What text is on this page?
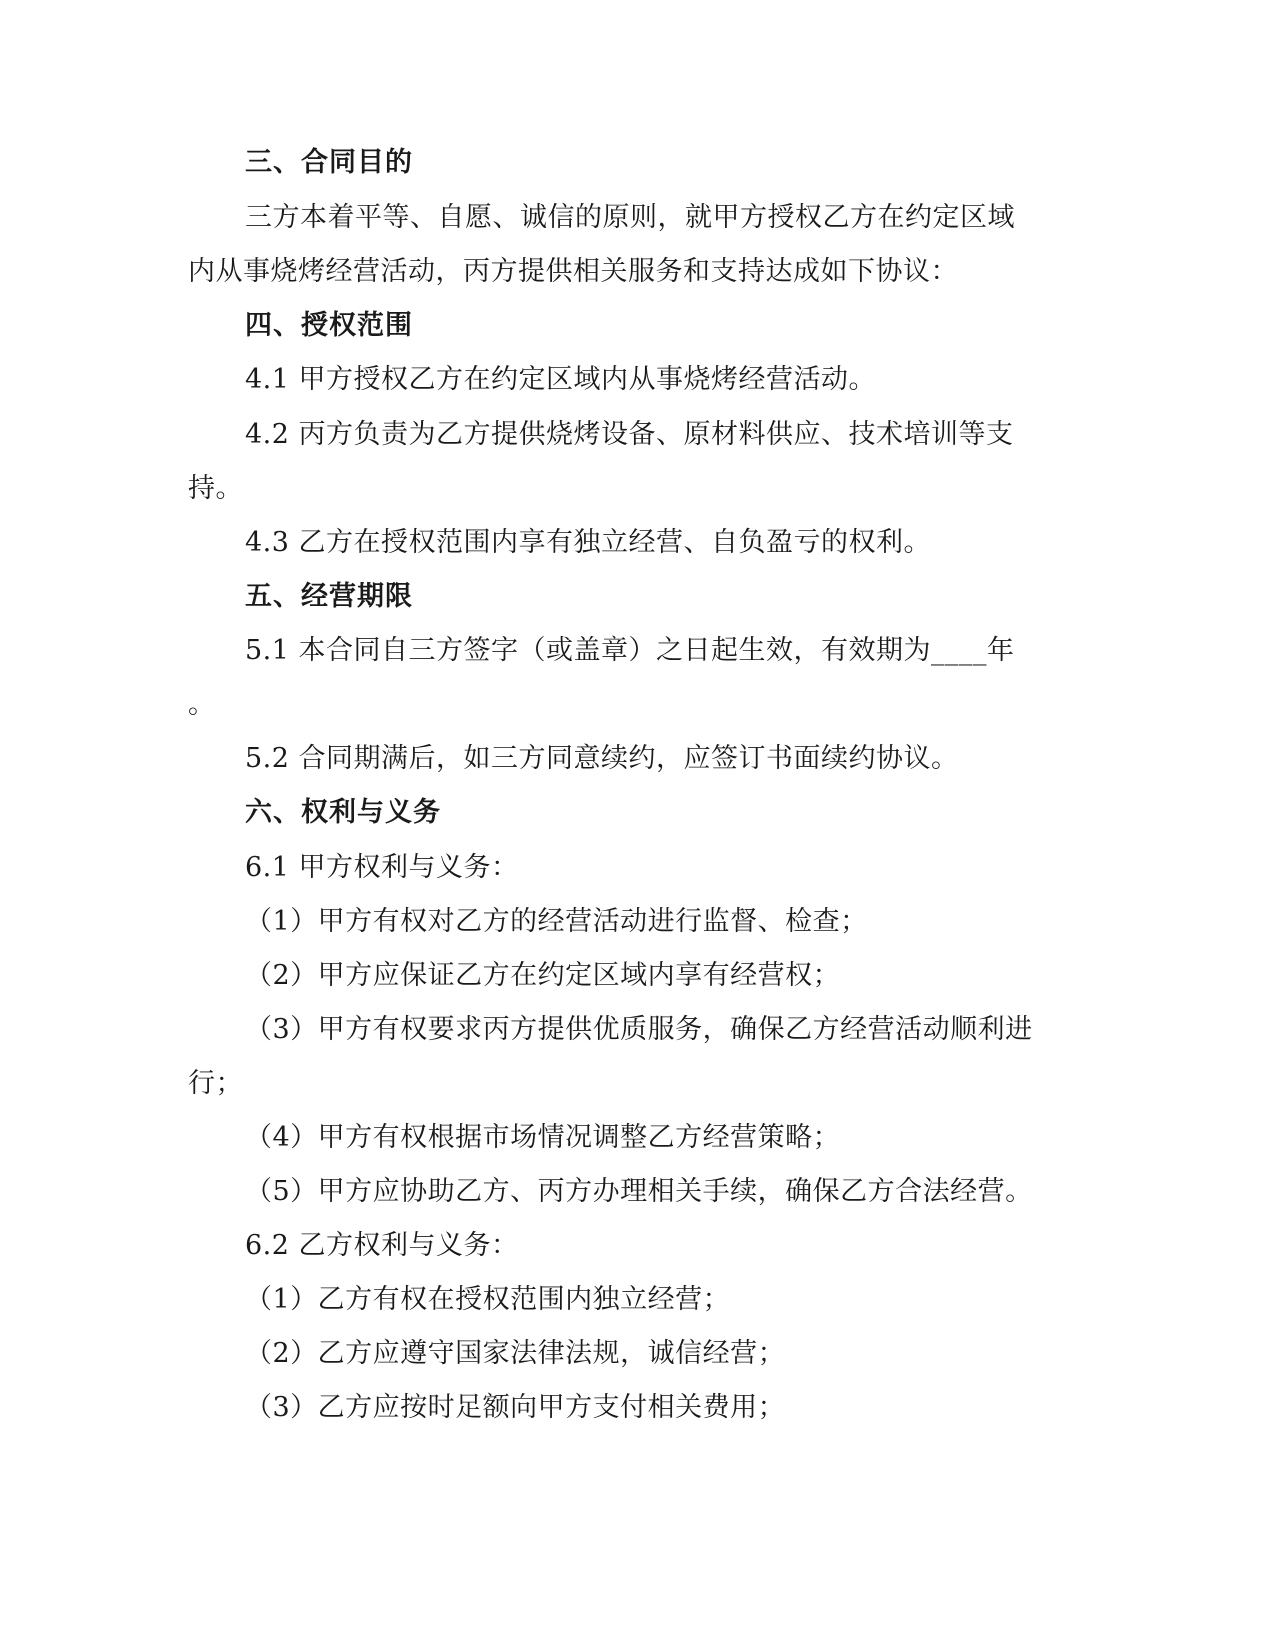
三、合同目的
三方本着平等、自愿、诚信的原则，就甲方授权乙方在约定区域
内从事烧烤经营活动，丙方提供相关服务和支持达成如下协议：
四、授权范围
4.1 甲方授权乙方在约定区域内从事烧烤经营活动。
4.2 丙方负责为乙方提供烧烤设备、原材料供应、技术培训等支
持。
4.3 乙方在授权范围内享有独立经营、自负盈亏的权利。
五、经营期限
5.1 本合同自三方签字（或盖章）之日起生效，有效期为____年
。
5.2 合同期满后，如三方同意续约，应签订书面续约协议。
六、权利与义务
6.1 甲方权利与义务：
（1）甲方有权对乙方的经营活动进行监督、检查；
（2）甲方应保证乙方在约定区域内享有经营权；
（3）甲方有权要求丙方提供优质服务，确保乙方经营活动顺利进
行；
（4）甲方有权根据市场情况调整乙方经营策略；
（5）甲方应协助乙方、丙方办理相关手续，确保乙方合法经营。
6.2 乙方权利与义务：
（1）乙方有权在授权范围内独立经营；
（2）乙方应遵守国家法律法规，诚信经营；
（3）乙方应按时足额向甲方支付相关费用；
